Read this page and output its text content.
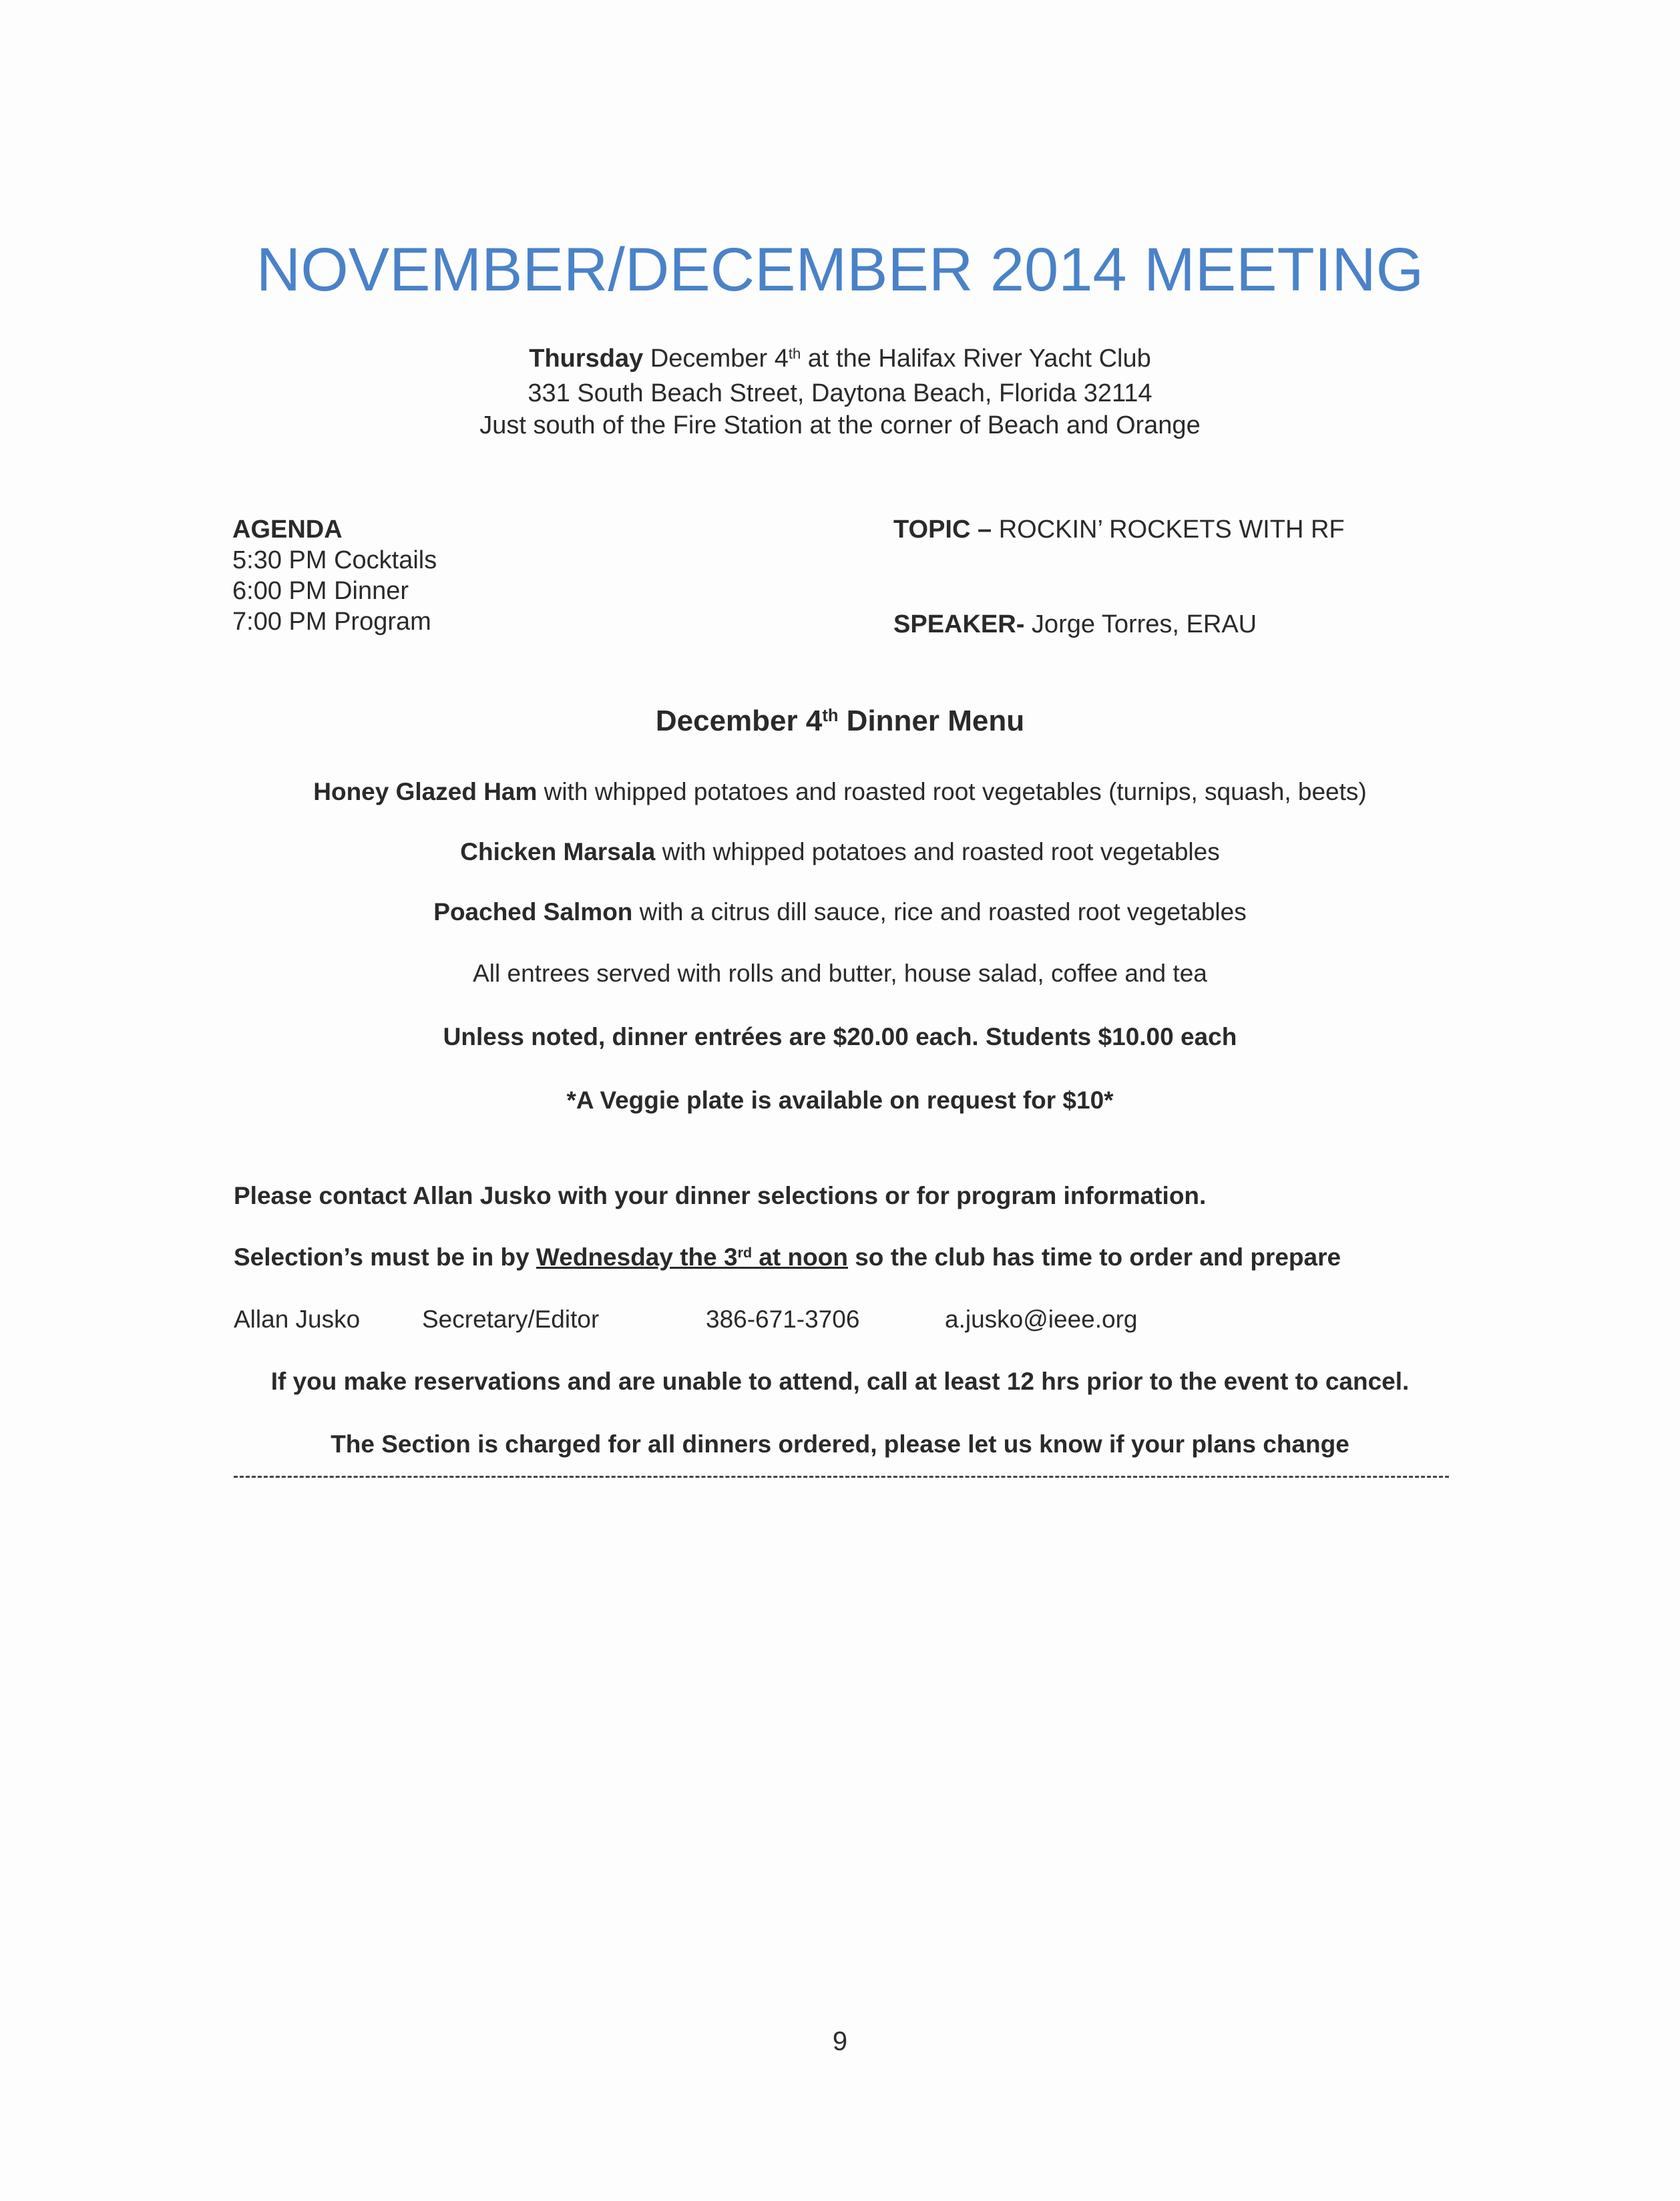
NOVEMBER/DECEMBER 2014 MEETING
Thursday December 4th at the Halifax River Yacht Club
331 South Beach Street, Daytona Beach, Florida 32114
Just south of the Fire Station at the corner of Beach and Orange
AGENDA
5:30 PM Cocktails
6:00 PM Dinner
7:00 PM Program
TOPIC – ROCKIN’ ROCKETS WITH RF
SPEAKER- Jorge Torres, ERAU
December 4th Dinner Menu
Honey Glazed Ham with whipped potatoes and roasted root vegetables (turnips, squash, beets)
Chicken Marsala with whipped potatoes and roasted root vegetables
Poached Salmon with a citrus dill sauce, rice and roasted root vegetables
All entrees served with rolls and butter, house salad, coffee and tea
Unless noted, dinner entrées are $20.00 each. Students $10.00 each
*A Veggie plate is available on request for $10*
Please contact Allan Jusko with your dinner selections or for program information.
Selection’s must be in by Wednesday the 3rd at noon so the club has time to order and prepare
Allan Jusko	Secretary/Editor	386-671-3706	a.jusko@ieee.org
If you make reservations and are unable to attend, call at least 12 hrs prior to the event to cancel.
The Section is charged for all dinners ordered, please let us know if your plans change
9
